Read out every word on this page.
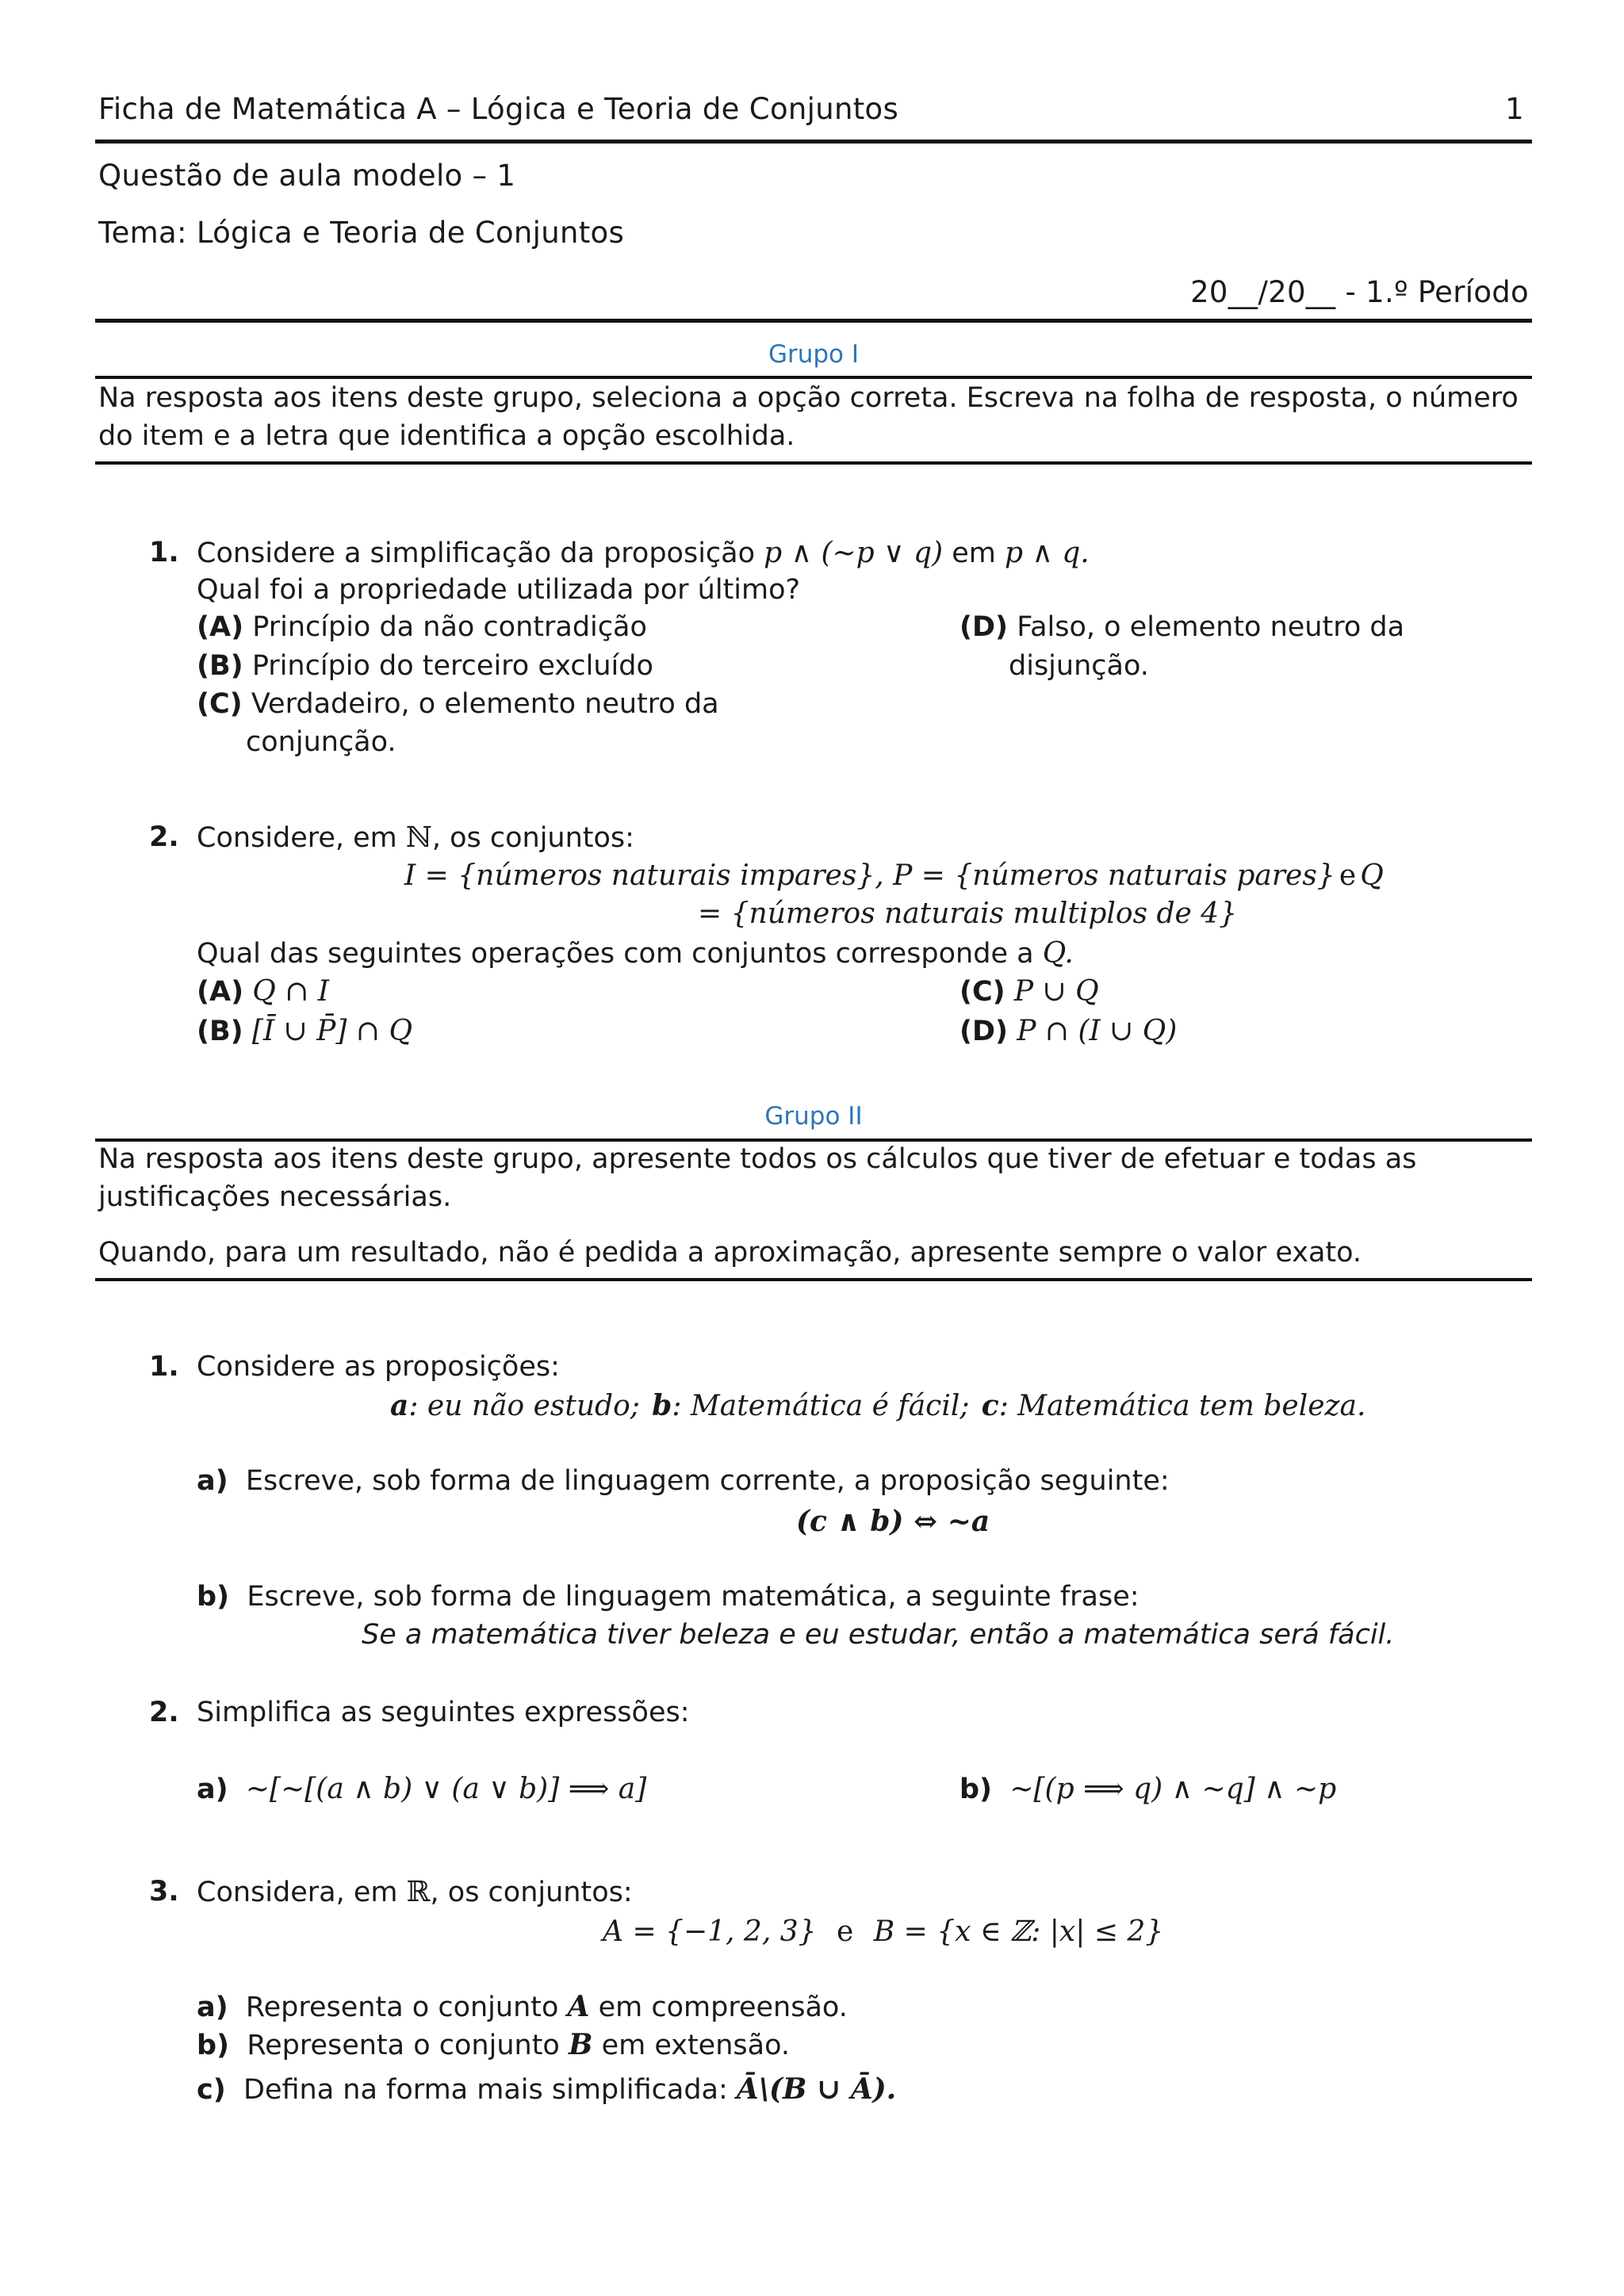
Ficha de Matemática A – Lógica e Teoria de Conjuntos	1
Questão de aula modelo – 1
Tema: Lógica e Teoria de Conjuntos
20__/20__ - 1.º Período
Grupo I
Na resposta aos itens deste grupo, seleciona a opção correta. Escreva na folha de resposta, o número do item e a letra que identifica a opção escolhida.
1. Considere a simplificação da proposição p ∧ (~p ∨ q) em p ∧ q.
Qual foi a propriedade utilizada por último?
(A) Princípio da não contradição
(B) Princípio do terceiro excluído
(C) Verdadeiro, o elemento neutro da
conjunção.
(D) Falso, o elemento neutro da
disjunção.
2. Considere, em ℕ, os conjuntos:
I = {números naturais impares}, P = {números naturais pares} e Q
= {números naturais multiplos de 4}
Qual das seguintes operações com conjuntos corresponde a Q.
(A) Q ∩ I
(B) [Ī ∪ P̄] ∩ Q
(C) P ∪ Q
(D) P ∩ (I ∪ Q)
Grupo II
Na resposta aos itens deste grupo, apresente todos os cálculos que tiver de efetuar e todas as justificações necessárias.
Quando, para um resultado, não é pedida a aproximação, apresente sempre o valor exato.
1. Considere as proposições:
a: eu não estudo; b: Matemática é fácil; c: Matemática tem beleza.
a) Escreve, sob forma de linguagem corrente, a proposição seguinte:
(c ∧ b) ⇔ ~a
b) Escreve, sob forma de linguagem matemática, a seguinte frase:
Se a matemática tiver beleza e eu estudar, então a matemática será fácil.
2. Simplifica as seguintes expressões:
a) ~[~[(a ∧ b) ∨ (a ∨ b)] ⟹ a]	b) ~[(p ⟹ q) ∧ ~q] ∧ ~p
3. Considera, em ℝ, os conjuntos:
A = {−1, 2, 3} e B = {x ∈ ℤ: |x| ≤ 2}
a) Representa o conjunto A em compreensão.
b) Representa o conjunto B em extensão.
c) Defina na forma mais simplificada: Ā\(B ∪ Ā).
